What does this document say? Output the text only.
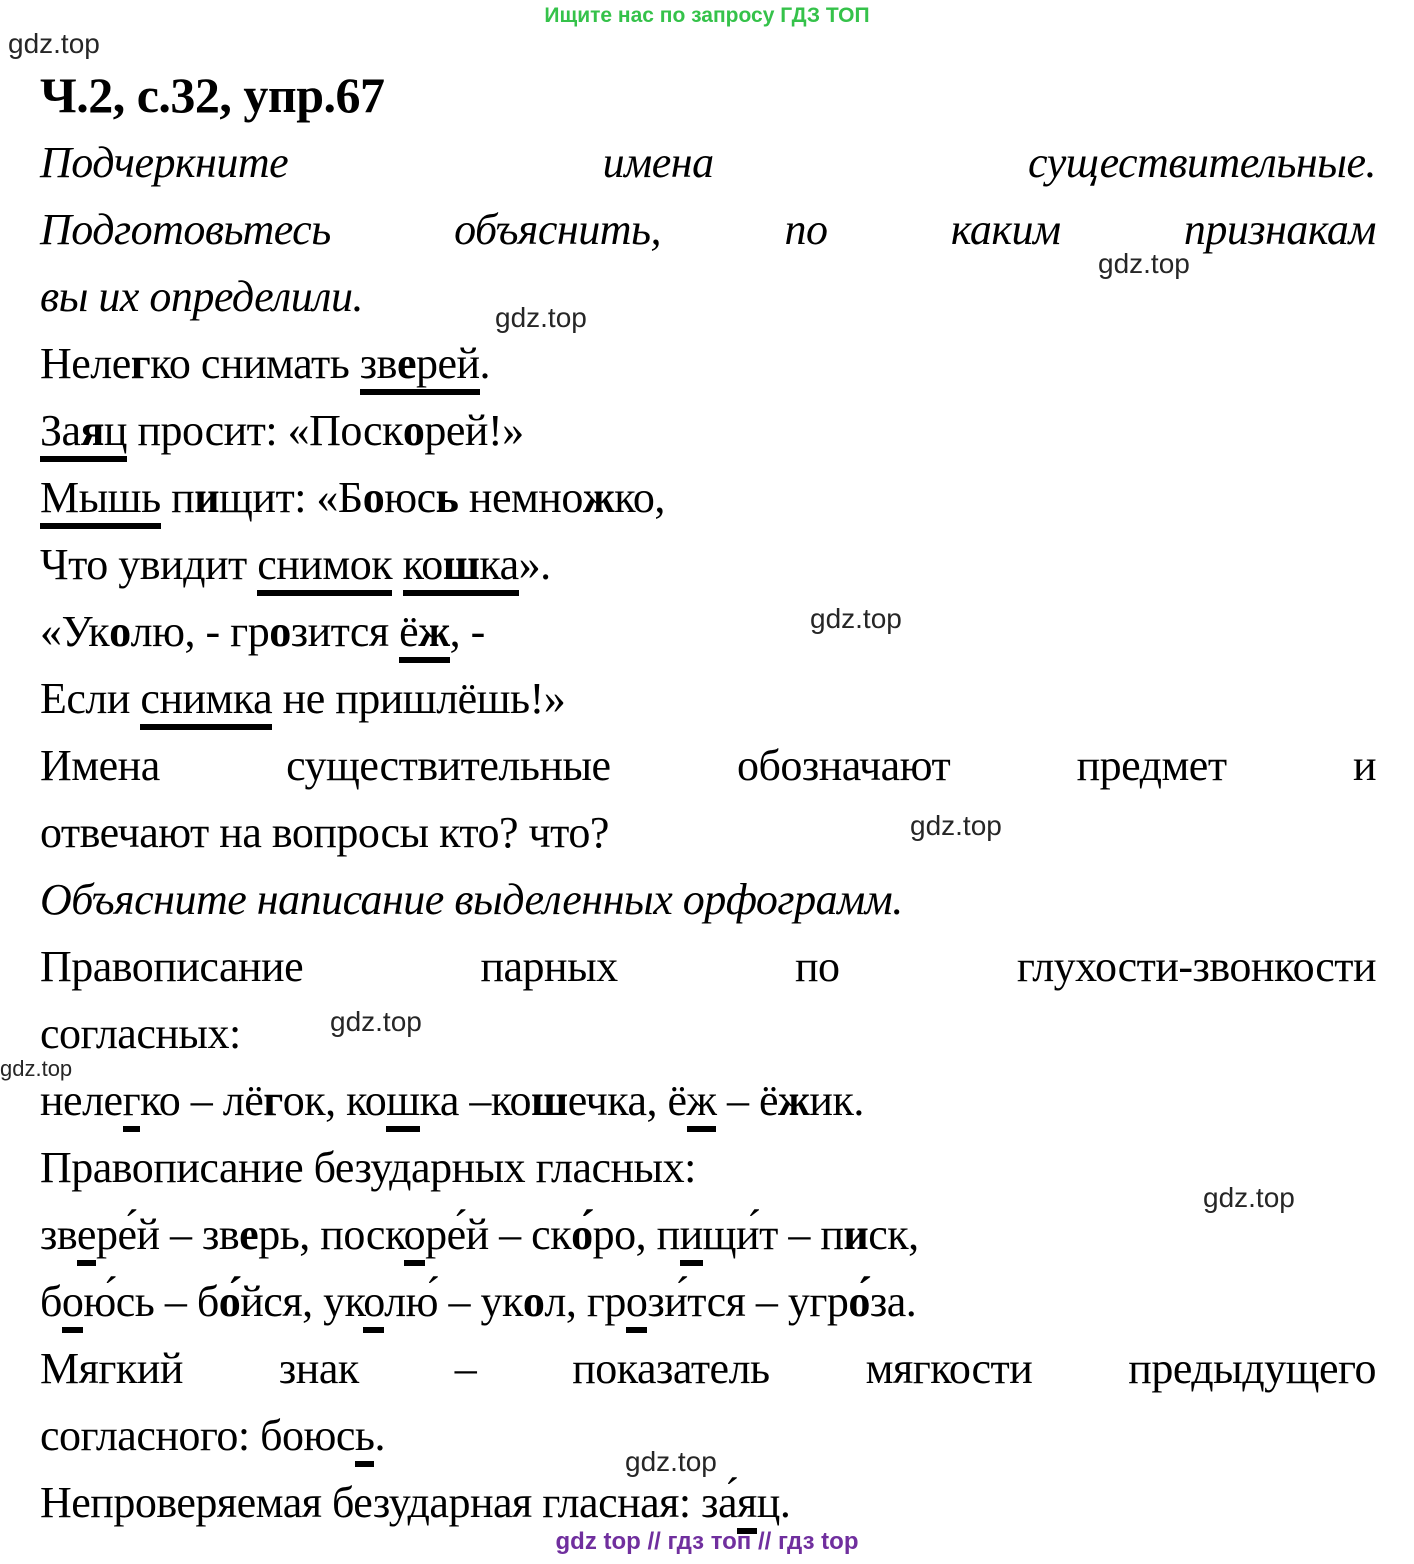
Ищите нас по запросу ГДЗ ТОП
gdz.top
gdz.top
gdz.top
gdz.top
gdz.top
gdz.top
gdz.top
gdz.top
gdz.top
Ч.2, с.32, упр.67
Подчеркните имена существительные.
Подготовьтесь объяснить, по каким признакам
вы их определили.
Нелегко снимать зверей.
Заяц просит: «Поскорей!»
Мышь пищит: «Боюсь немножко,
Что увидит снимок кошка».
«Уколю, - грозится ёж, -
Если снимка не пришлёшь!»
Имена существительные обозначают предмет и
отвечают на вопросы кто? что?
Объясните написание выделенных орфограмм.
Правописание парных по глухости-звонкости
согласных:
нелегко – лёгок, кошка –кошечка, ёж – ёжик.
Правописание безударных гласных:
звере́й – зверь, поскоре́й – ско́ро, пищи́т – писк,
бою́сь – бо́йся, уколю́ – укол, грози́тся – угро́за.
Мягкий знак – показатель мягкости предыдущего
согласного: боюсь.
Непроверяемая безударная гласная: за́яц.
gdz top // гдз топ // гдз top
